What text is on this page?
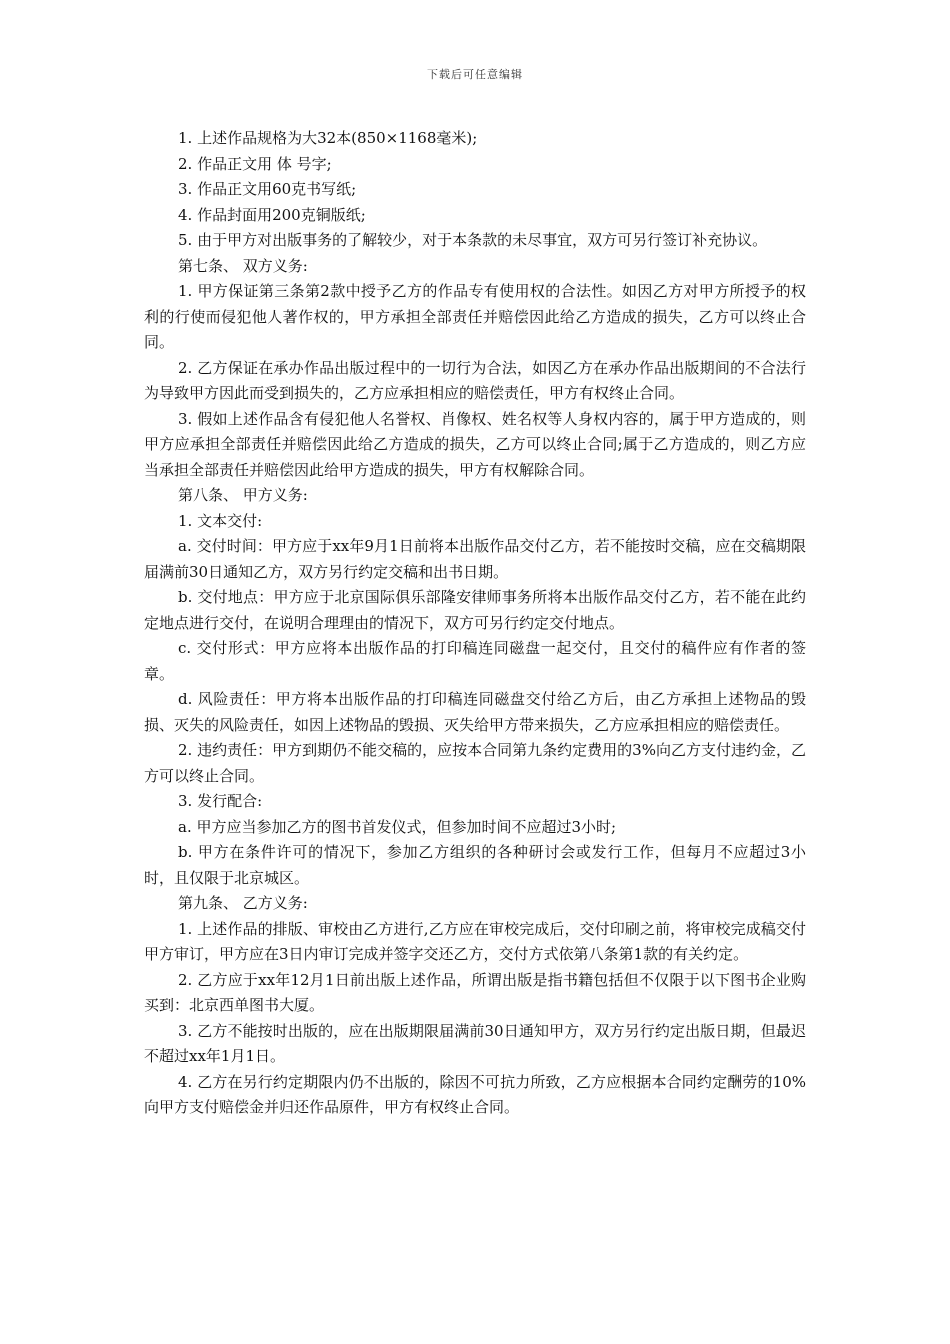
下载后可任意编辑

1. 上述作品规格为大32本(850×1168毫米);

2. 作品正文用 体 号字;

3. 作品正文用60克书写纸;

4. 作品封面用200克铜版纸;

5. 由于甲方对出版事务的了解较少，对于本条款的未尽事宜，双方可另行签订补充协议。

第七条、 双方义务:

1. 甲方保证第三条第2款中授予乙方的作品专有使用权的合法性。如因乙方对甲方所授予的权利的行使而侵犯他人著作权的，甲方承担全部责任并赔偿因此给乙方造成的损失，乙方可以终止合同。

2. 乙方保证在承办作品出版过程中的一切行为合法，如因乙方在承办作品出版期间的不合法行为导致甲方因此而受到损失的，乙方应承担相应的赔偿责任，甲方有权终止合同。

3. 假如上述作品含有侵犯他人名誉权、肖像权、姓名权等人身权内容的，属于甲方造成的，则甲方应承担全部责任并赔偿因此给乙方造成的损失，乙方可以终止合同;属于乙方造成的，则乙方应当承担全部责任并赔偿因此给甲方造成的损失，甲方有权解除合同。

第八条、 甲方义务:

1. 文本交付:

a. 交付时间：甲方应于xx年9月1日前将本出版作品交付乙方，若不能按时交稿，应在交稿期限届满前30日通知乙方，双方另行约定交稿和出书日期。

b. 交付地点：甲方应于北京国际俱乐部隆安律师事务所将本出版作品交付乙方，若不能在此约定地点进行交付，在说明合理理由的情况下，双方可另行约定交付地点。

c. 交付形式：甲方应将本出版作品的打印稿连同磁盘一起交付，且交付的稿件应有作者的签章。

d. 风险责任：甲方将本出版作品的打印稿连同磁盘交付给乙方后，由乙方承担上述物品的毁损、灭失的风险责任，如因上述物品的毁损、灭失给甲方带来损失，乙方应承担相应的赔偿责任。

2. 违约责任：甲方到期仍不能交稿的，应按本合同第九条约定费用的3%向乙方支付违约金，乙方可以终止合同。

3. 发行配合:

a. 甲方应当参加乙方的图书首发仪式，但参加时间不应超过3小时;

b. 甲方在条件许可的情况下，参加乙方组织的各种研讨会或发行工作，但每月不应超过3小时，且仅限于北京城区。

第九条、 乙方义务:

1. 上述作品的排版、审校由乙方进行,乙方应在审校完成后，交付印刷之前，将审校完成稿交付甲方审订，甲方应在3日内审订完成并签字交还乙方，交付方式依第八条第1款的有关约定。

2. 乙方应于xx年12月1日前出版上述作品，所谓出版是指书籍包括但不仅限于以下图书企业购买到：北京西单图书大厦。

3. 乙方不能按时出版的，应在出版期限届满前30日通知甲方，双方另行约定出版日期，但最迟不超过xx年1月1日。

4. 乙方在另行约定期限内仍不出版的，除因不可抗力所致，乙方应根据本合同约定酬劳的10%向甲方支付赔偿金并归还作品原件，甲方有权终止合同。
